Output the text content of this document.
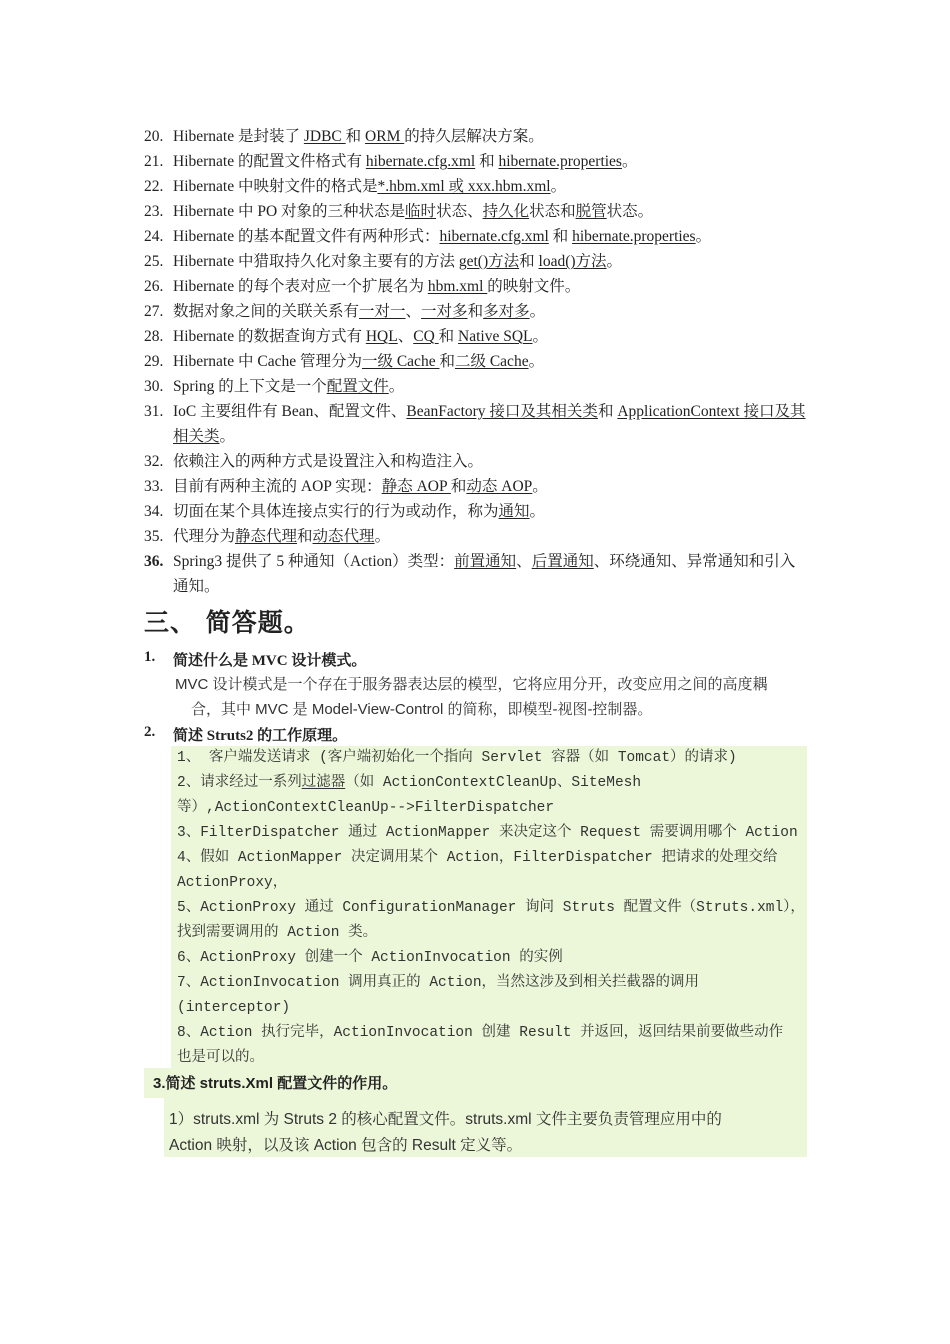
20. Hibernate 是封装了 JDBC 和 ORM 的持久层解决方案。
21. Hibernate 的配置文件格式有 hibernate.cfg.xml 和 hibernate.properties。
22. Hibernate 中映射文件的格式是*.hbm.xml 或 xxx.hbm.xml。
23. Hibernate 中 PO 对象的三种状态是临时状态、持久化状态和脱管状态。
24. Hibernate 的基本配置文件有两种形式：hibernate.cfg.xml 和 hibernate.properties。
25. Hibernate 中猎取持久化对象主要有的方法 get()方法和 load()方法。
26. Hibernate 的每个表对应一个扩展名为 hbm.xml 的映射文件。
27. 数据对象之间的关联关系有一对一、一对多和多对多。
28. Hibernate 的数据查询方式有 HQL、CQ 和 Native SQL。
29. Hibernate 中 Cache 管理分为一级 Cache 和二级 Cache。
30. Spring 的上下文是一个配置文件。
31. IoC 主要组件有 Bean、配置文件、BeanFactory 接口及其相关类和 ApplicationContext 接口及其相关类。
32. 依赖注入的两种方式是设置注入和构造注入。
33. 目前有两种主流的 AOP 实现：静态 AOP 和动态 AOP。
34. 切面在某个具体连接点实行的行为或动作，称为通知。
35. 代理分为静态代理和动态代理。
36. Spring3 提供了 5 种通知（Action）类型：前置通知、后置通知、环绕通知、异常通知和引入通知。
三、 简答题。
1. 简述什么是 MVC 设计模式。
MVC 设计模式是一个存在于服务器表达层的模型，它将应用分开，改变应用之间的高度耦
合，其中 MVC 是 Model-View-Control 的简称，即模型-视图-控制器。
2. 简述 Struts2 的工作原理。
1、 客户端发送请求 (客户端初始化一个指向 Servlet 容器（如 Tomcat）的请求)
2、请求经过一系列过滤器（如 ActionContextCleanUp、SiteMesh
等）,ActionContextCleanUp-->FilterDispatcher
3、FilterDispatcher 通过 ActionMapper 来决定这个 Request 需要调用哪个 Action
4、假如 ActionMapper 决定调用某个 Action，FilterDispatcher 把请求的处理交给
ActionProxy，
5、ActionProxy 通过 ConfigurationManager 询问 Struts 配置文件（Struts.xml），
找到需要调用的 Action 类。
6、ActionProxy 创建一个 ActionInvocation 的实例
7、ActionInvocation 调用真正的 Action，当然这涉及到相关拦截器的调用
(interceptor)
8、Action 执行完毕，ActionInvocation 创建 Result 并返回，返回结果前要做些动作
也是可以的。
3.简述 struts.Xml 配置文件的作用。
1）struts.xml 为 Struts 2 的核心配置文件。struts.xml 文件主要负责管理应用中的
Action 映射，以及该 Action 包含的 Result 定义等。
